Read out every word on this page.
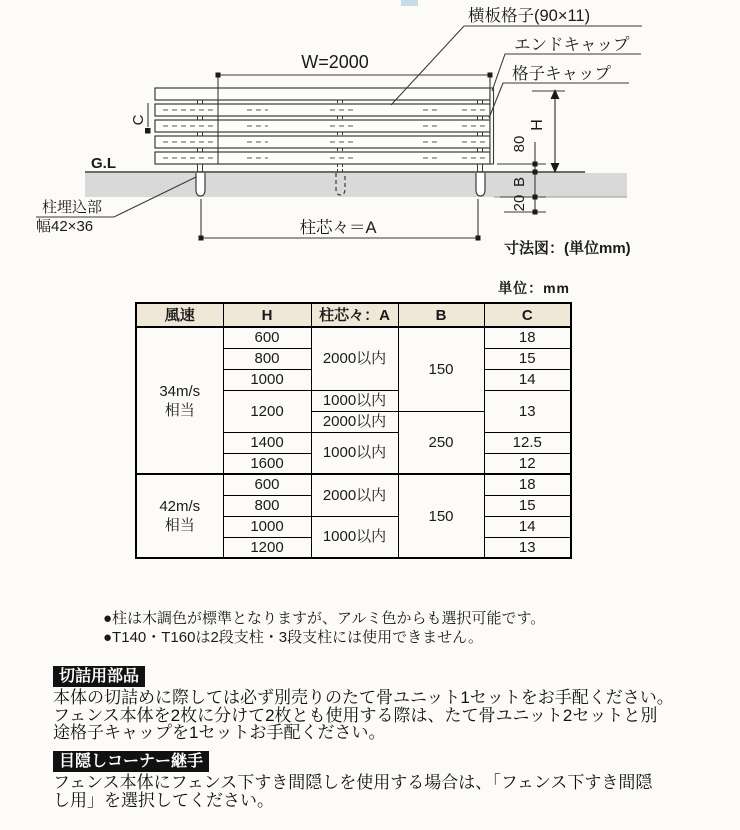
W=2000
横板格子(90×11)
エンドキャップ
格子キャップ
C
G.L
柱埋込部
幅42×36	柱芯々＝A
H
80
B
20
寸法図：(単位mm)
単位：mm
風速	H	柱芯々：A	B	C

34m/s
相当	600	2000以内	150	18
	800			15
	1000			14
	1200	1000以内		13
		2000以内	250	
	1400	1000以内		12.5
	1600			12

42m/s
相当	600	2000以内	150	18
	800			15
	1000	1000以内		14
	1200			13
●柱は木調色が標準となりますが、アルミ色からも選択可能です。
●T140・T160は2段支柱・3段支柱には使用できません。
切詰用部品
本体の切詰めに際しては必ず別売りのたて骨ユニット1セットをお手配ください。
フェンス本体を2枚に分けて2枚とも使用する際は、たて骨ユニット2セットと別
途格子キャップを1セットお手配ください。
目隠しコーナー継手
フェンス本体にフェンス下すき間隠しを使用する場合は、「フェンス下すき間隠
し用」を選択してください。
